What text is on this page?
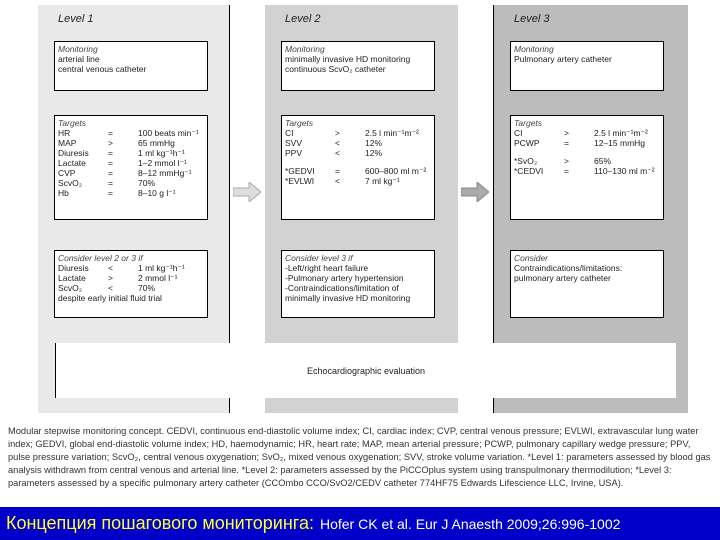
Level 1
Monitoring
arterial line
central venous catheter
Targets
HR	=	100 beats min⁻¹
MAP	>	65 mmHg
Diuresis	=	1 ml kg⁻¹h⁻¹
Lactate	=	1–2 mmol l⁻¹
CVP	=	8–12 mmHg⁻¹
ScvO₂	=	70%
Hb	=	8–10 g l⁻¹
Consider level 2 or 3 if
Diuresis	<	1 ml kg⁻¹h⁻¹
Lactate	>	2 mmol l⁻¹
ScvO₂	<	70%
despite early initial fluid trial
Level 2
Monitoring
minimally invasive HD monitoring
continuous ScvO₂ catheter
Targets
CI	>	2.5 l min⁻¹m⁻²
SVV	<	12%
PPV	<	12%
*GEDVI	=	600–800 ml m⁻²
*EVLWI	<	7 ml kg⁻¹
Consider level 3 if
-Left/right heart failure
-Pulmonary artery hypertension
-Contraindications/limitation of
minimally invasive HD monitoring
Level 3
Monitoring
Pulmonary artery catheter
Targets
CI	>	2.5 l min⁻¹m⁻²
PCWP	=	12–15 mmHg
*SvO₂	>	65%
*CEDVI	=	110–130 ml m⁻²
Consider
Contraindications/limitations:
pulmonary artery catheter
Echocardiographic evaluation
Modular stepwise monitoring concept. CEDVI, continuous end-diastolic volume index; CI, cardiac index; CVP, central venous pressure; EVLWI, extravascular lung water index; GEDVI, global end-diastolic volume index; HD, haemodynamic; HR, heart rate; MAP, mean arterial pressure; PCWP, pulmonary capillary wedge pressure; PPV, pulse pressure variation; ScvO₂, central venous oxygenation; SvO₂, mixed venous oxygenation; SVV, stroke volume variation. *Level 1: parameters assessed by blood gas analysis withdrawn from central venous and arterial line. *Level 2: parameters assessed by the PiCCOplus system using transpulmonary thermodilution; *Level 3: parameters assessed by a specific pulmonary artery catheter (CCOmbo CCO/SvO2/CEDV catheter 774HF75 Edwards Lifescience LLC, Irvine, USA).
Концепция пошагового мониторинга: Hofer CK et al. Eur J Anaesth 2009;26:996-1002
